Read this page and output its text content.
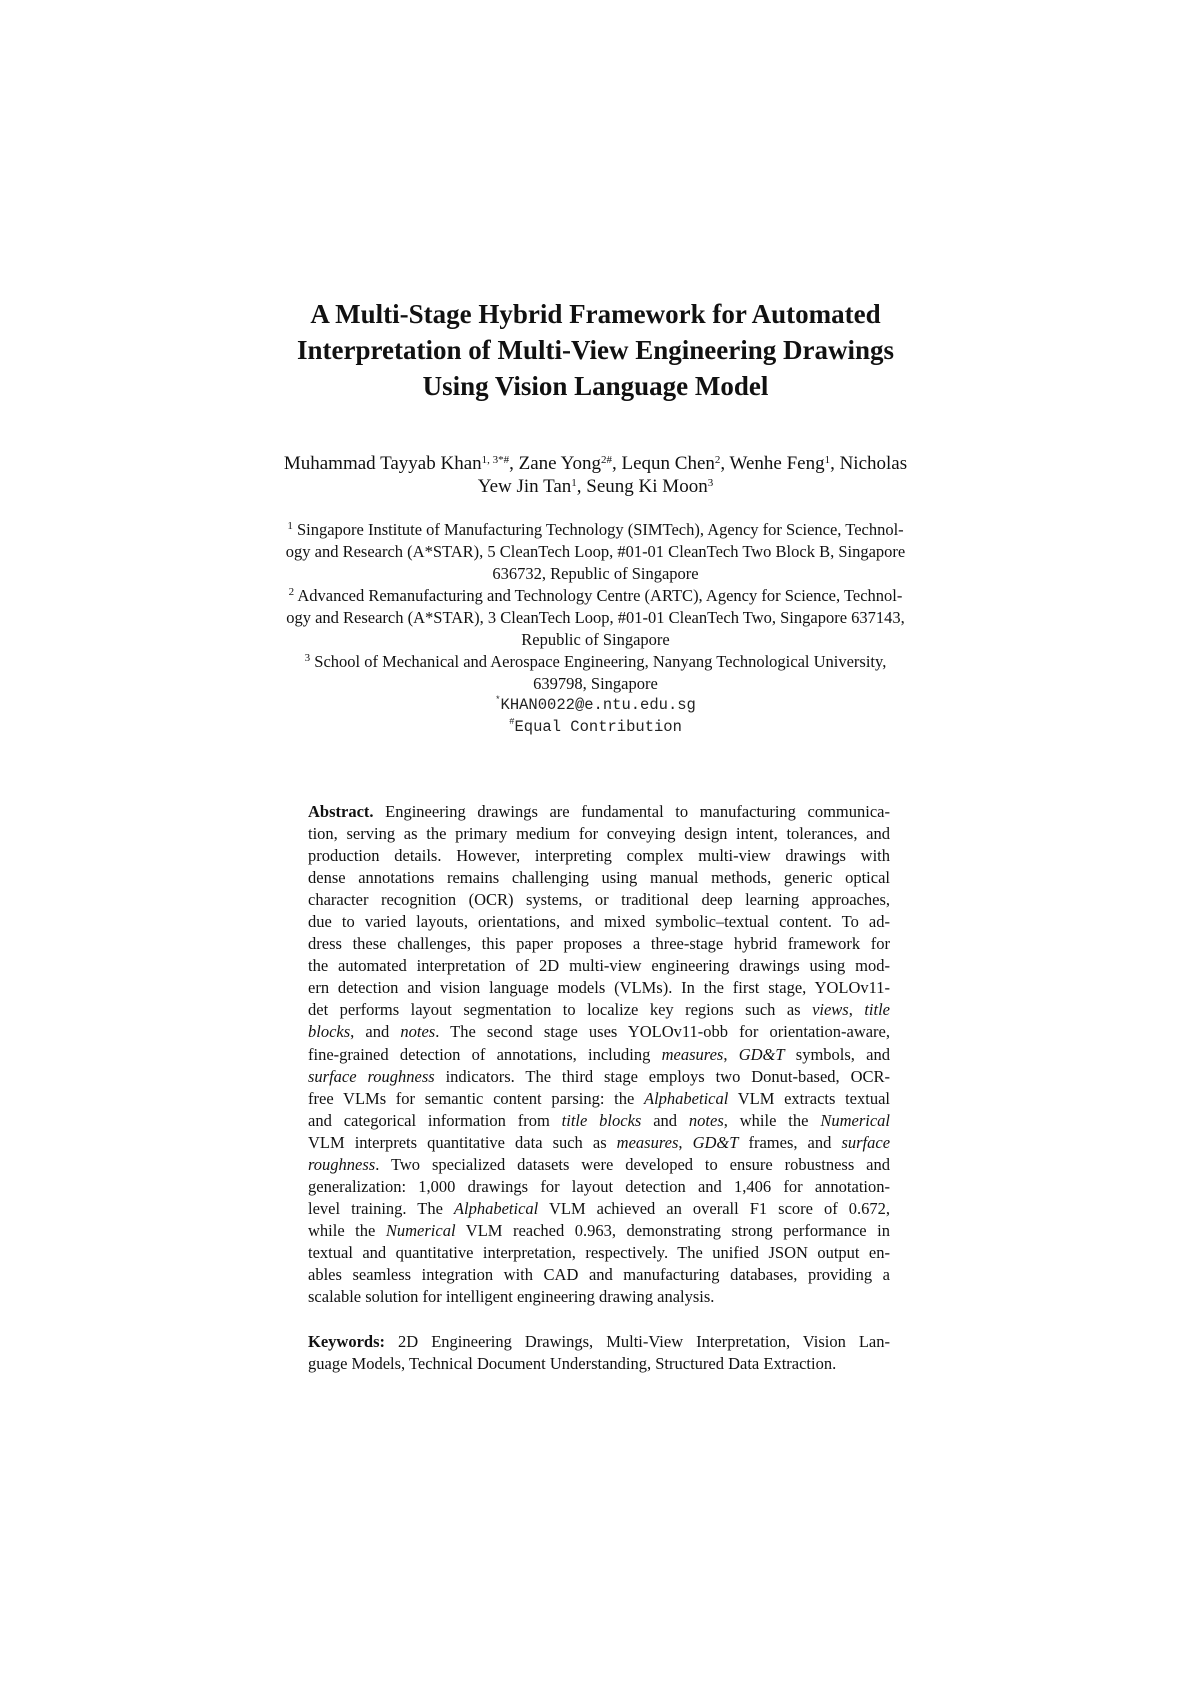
A Multi-Stage Hybrid Framework for Automated
Interpretation of Multi-View Engineering Drawings
Using Vision Language Model
Muhammad Tayyab Khan$^{1, 3*\#}$, Zane Yong$^{2\#}$, Lequn Chen$^2$, Wenhe Feng$^1$, Nicholas
Yew Jin Tan$^1$, Seung Ki Moon$^3$
$^1$ Singapore Institute of Manufacturing Technology (SIMTech), Agency for Science, Technol-
ogy and Research (A*STAR), 5 CleanTech Loop, #01-01 CleanTech Two Block B, Singapore
636732, Republic of Singapore
$^2$ Advanced Remanufacturing and Technology Centre (ARTC), Agency for Science, Technol-
ogy and Research (A*STAR), 3 CleanTech Loop, #01-01 CleanTech Two, Singapore 637143,
Republic of Singapore
$^3$ School of Mechanical and Aerospace Engineering, Nanyang Technological University,
639798, Singapore
*KHAN0022@e.ntu.edu.sg
#Equal Contribution
Abstract. Engineering drawings are fundamental to manufacturing communica-
tion, serving as the primary medium for conveying design intent, tolerances, and
production details. However, interpreting complex multi-view drawings with
dense annotations remains challenging using manual methods, generic optical
character recognition (OCR) systems, or traditional deep learning approaches,
due to varied layouts, orientations, and mixed symbolic–textual content. To ad-
dress these challenges, this paper proposes a three-stage hybrid framework for
the automated interpretation of 2D multi-view engineering drawings using mod-
ern detection and vision language models (VLMs). In the first stage, YOLOv11-
det performs layout segmentation to localize key regions such as views, title
blocks, and notes. The second stage uses YOLOv11-obb for orientation-aware,
fine-grained detection of annotations, including measures, GD&T symbols, and
surface roughness indicators. The third stage employs two Donut-based, OCR-
free VLMs for semantic content parsing: the Alphabetical VLM extracts textual
and categorical information from title blocks and notes, while the Numerical
VLM interprets quantitative data such as measures, GD&T frames, and surface
roughness. Two specialized datasets were developed to ensure robustness and
generalization: 1,000 drawings for layout detection and 1,406 for annotation-
level training. The Alphabetical VLM achieved an overall F1 score of 0.672,
while the Numerical VLM reached 0.963, demonstrating strong performance in
textual and quantitative interpretation, respectively. The unified JSON output en-
ables seamless integration with CAD and manufacturing databases, providing a
scalable solution for intelligent engineering drawing analysis.
Keywords: 2D Engineering Drawings, Multi-View Interpretation, Vision Lan-
guage Models, Technical Document Understanding, Structured Data Extraction.
